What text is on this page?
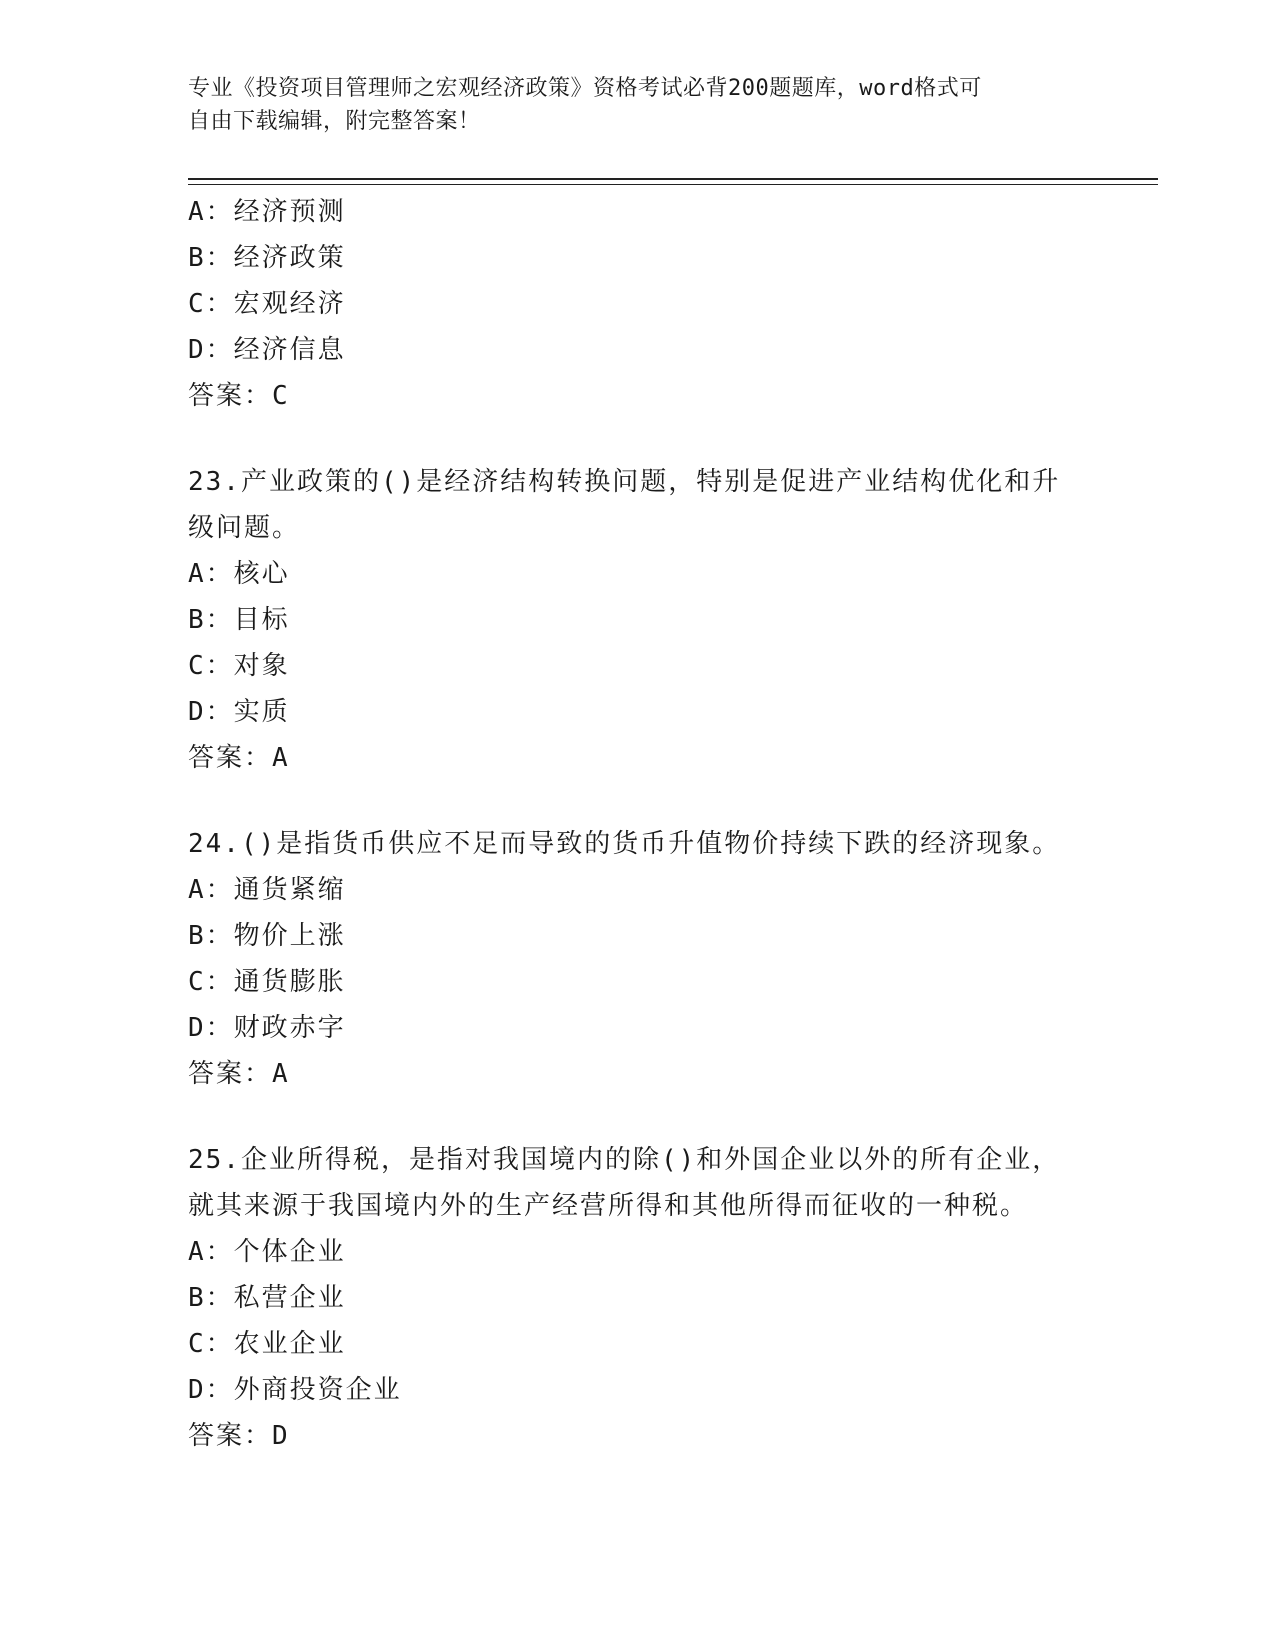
专业《投资项目管理师之宏观经济政策》资格考试必背200题题库，word格式可
自由下载编辑，附完整答案！
A：经济预测
B：经济政策
C：宏观经济
D：经济信息
答案：C
23.产业政策的()是经济结构转换问题，特别是促进产业结构优化和升
级问题。
A：核心
B：目标
C：对象
D：实质
答案：A
24.()是指货币供应不足而导致的货币升值物价持续下跌的经济现象。
A：通货紧缩
B：物价上涨
C：通货膨胀
D：财政赤字
答案：A
25.企业所得税，是指对我国境内的除()和外国企业以外的所有企业，
就其来源于我国境内外的生产经营所得和其他所得而征收的一种税。
A：个体企业
B：私营企业
C：农业企业
D：外商投资企业
答案：D
